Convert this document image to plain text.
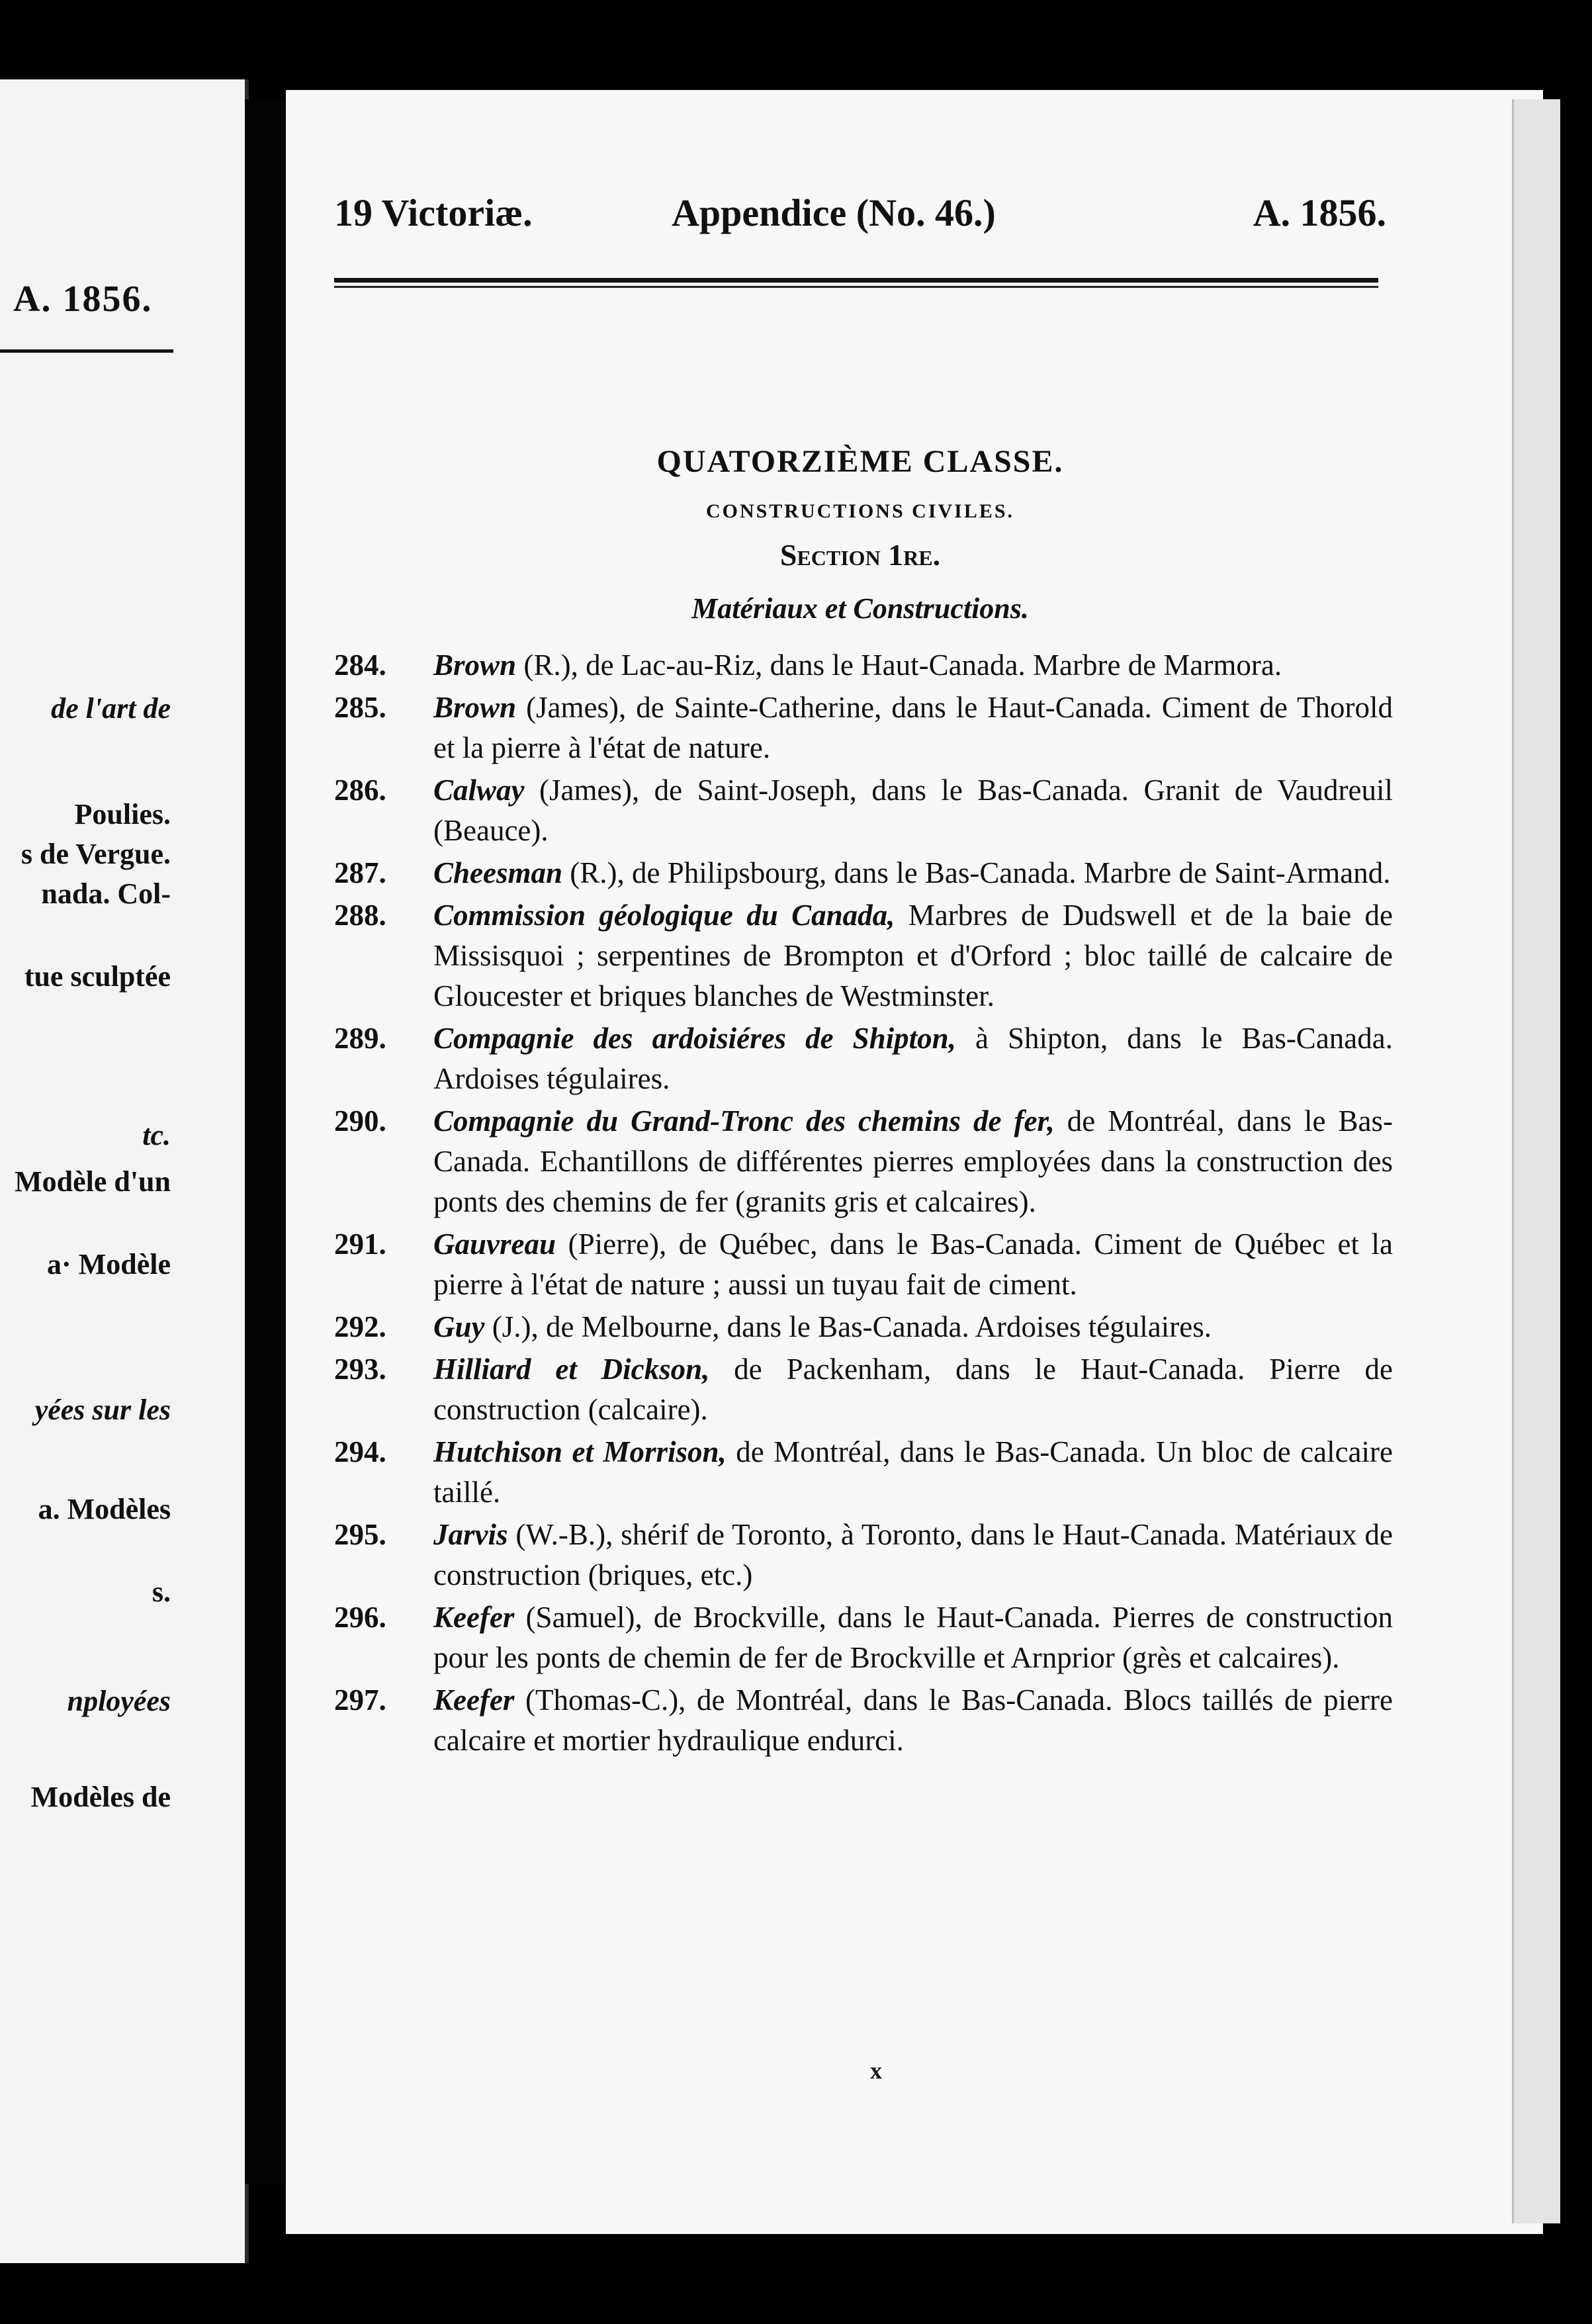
A. 1856.
de l'art de
Poulies.
s de Vergue.
nada. Col-
tue sculptée
tc.
Modèle d'un
a· Modèle
yées sur les
a. Modèles
s.
nployées
Modèles de
19 Victoriæ.	Appendice (No. 46.)	A. 1856.
QUATORZIÈME CLASSE.
CONSTRUCTIONS CIVILES.
Section 1re.
Matériaux et Constructions.
284. Brown (R.), de Lac-au-Riz, dans le Haut-Canada. Marbre de Marmora.
285. Brown (James), de Sainte-Catherine, dans le Haut-Canada. Ciment de Thorold et la pierre à l'état de nature.
286. Calway (James), de Saint-Joseph, dans le Bas-Canada. Granit de Vaudreuil (Beauce).
287. Cheesman (R.), de Philipsbourg, dans le Bas-Canada. Marbre de Saint-Armand.
288. Commission géologique du Canada, Marbres de Dudswell et de la baie de Missisquoi ; serpentines de Brompton et d'Orford ; bloc taillé de calcaire de Gloucester et briques blanches de Westminster.
289. Compagnie des ardoisiéres de Shipton, à Shipton, dans le Bas-Canada. Ardoises tégulaires.
290. Compagnie du Grand-Tronc des chemins de fer, de Montréal, dans le Bas-Canada. Echantillons de différentes pierres employées dans la construction des ponts des chemins de fer (granits gris et calcaires).
291. Gauvreau (Pierre), de Québec, dans le Bas-Canada. Ciment de Québec et la pierre à l'état de nature ; aussi un tuyau fait de ciment.
292. Guy (J.), de Melbourne, dans le Bas-Canada. Ardoises tégulaires.
293. Hilliard et Dickson, de Packenham, dans le Haut-Canada. Pierre de construction (calcaire).
294. Hutchison et Morrison, de Montréal, dans le Bas-Canada. Un bloc de calcaire taillé.
295. Jarvis (W.-B.), shérif de Toronto, à Toronto, dans le Haut-Canada. Matériaux de construction (briques, etc.)
296. Keefer (Samuel), de Brockville, dans le Haut-Canada. Pierres de construction pour les ponts de chemin de fer de Brockville et Arnprior (grès et calcaires).
297. Keefer (Thomas-C.), de Montréal, dans le Bas-Canada. Blocs taillés de pierre calcaire et mortier hydraulique endurci.
x
